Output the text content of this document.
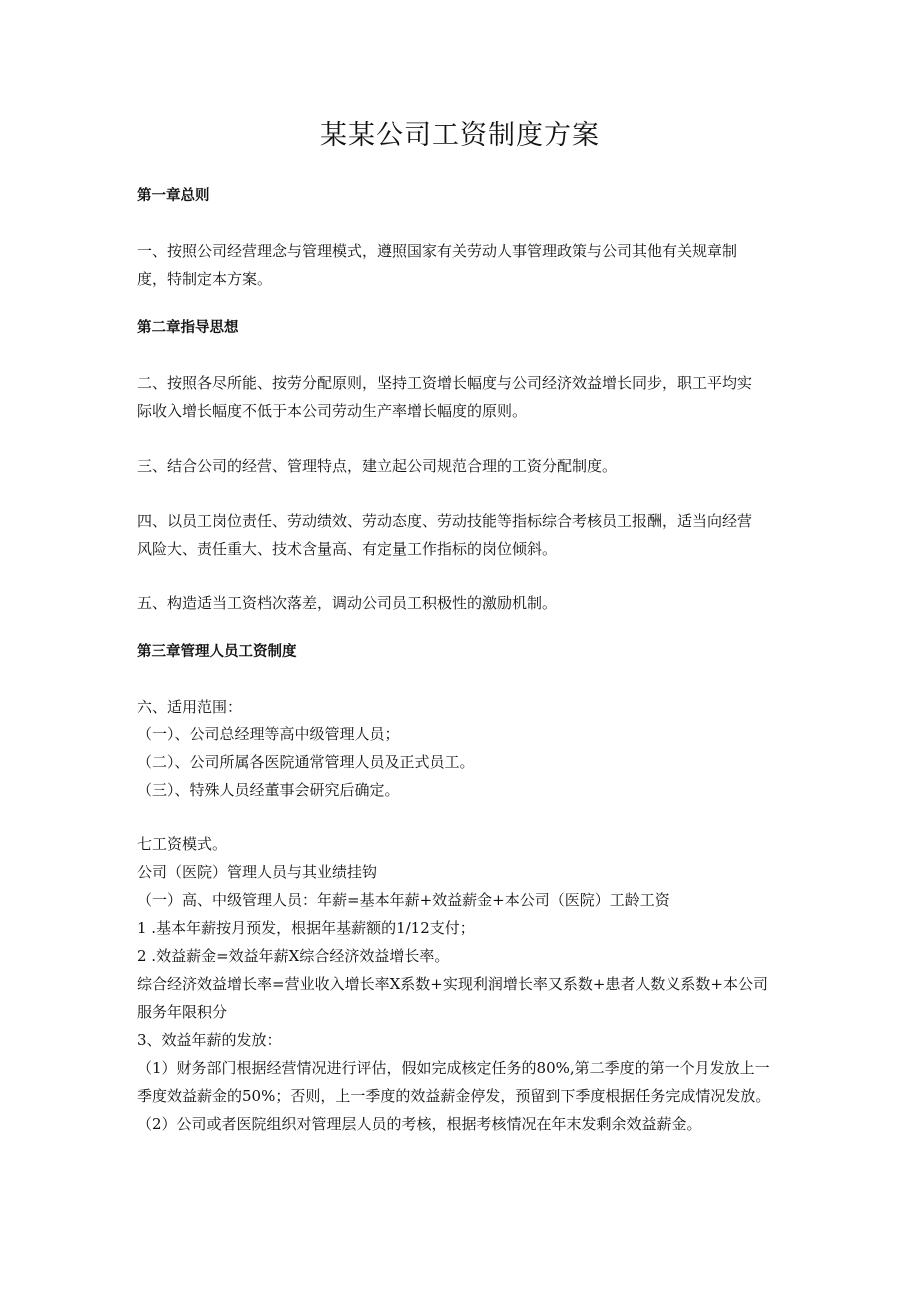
某某公司工资制度方案
第一章总则
一、按照公司经营理念与管理模式，遵照国家有关劳动人事管理政策与公司其他有关规章制
度，特制定本方案。
第二章指导思想
二、按照各尽所能、按劳分配原则，坚持工资增长幅度与公司经济效益增长同步，职工平均实
际收入增长幅度不低于本公司劳动生产率增长幅度的原则。
三、结合公司的经营、管理特点，建立起公司规范合理的工资分配制度。
四、以员工岗位责任、劳动绩效、劳动态度、劳动技能等指标综合考核员工报酬，适当向经营
风险大、责任重大、技术含量高、有定量工作指标的岗位倾斜。
五、构造适当工资档次落差，调动公司员工积极性的激励机制。
第三章管理人员工资制度
六、适用范围：
（一）、公司总经理等高中级管理人员；
（二）、公司所属各医院通常管理人员及正式员工。
（三）、特殊人员经董事会研究后确定。
七工资模式。
公司（医院）管理人员与其业绩挂钩
（一）高、中级管理人员：年薪=基本年薪+效益薪金+本公司（医院）工龄工资
1 .基本年薪按月预发，根据年基薪额的1/12支付；
2 .效益薪金=效益年薪X综合经济效益增长率。
综合经济效益增长率=营业收入增长率X系数+实现利润增长率又系数+患者人数义系数+本公司
服务年限积分
3、效益年薪的发放：
（1）财务部门根据经营情况进行评估，假如完成核定任务的80%,第二季度的第一个月发放上一
季度效益薪金的50%；否则，上一季度的效益薪金停发，预留到下季度根据任务完成情况发放。
（2）公司或者医院组织对管理层人员的考核，根据考核情况在年末发剩余效益薪金。
